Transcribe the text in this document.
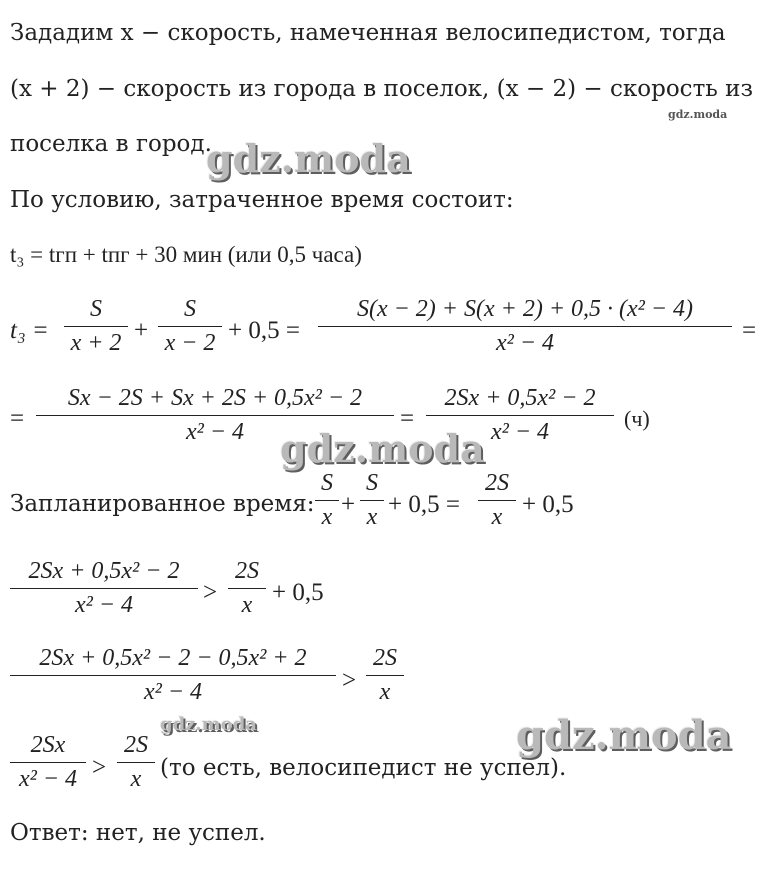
Зададим x − скорость, намеченная велосипедистом, тогда
(x + 2) − скорость из города в поселок, (x − 2) − скорость из
поселка в город.
По условию, затраченное время состоит:
t₃ = tгп + tпг + 30 мин (или 0,5 часа)
t₃ =
S
x + 2 +
S
x − 2 + 0,5 =
S(x − 2) + S(x + 2) + 0,5 · (x² − 4)
x² − 4	=
=
Sx − 2S + Sx + 2S + 0,5x² − 2
x² − 4	=
2Sx + 0,5x² − 2
x² − 4
(ч)
Запланированное время:
S
x +
S
x + 0,5 =
2S
x + 0,5
2Sx + 0,5x² − 2
x² − 4	>
2S
x + 0,5
2Sx + 0,5x² − 2 − 0,5x² + 2
x² − 4	>
2S
x
2Sx
x² − 4 >
2S
x (то есть, велосипедист не успел).
Ответ: нет, не успел.
gdz.moda
gdz.moda
gdz.moda
gdz.moda	gdz.moda
